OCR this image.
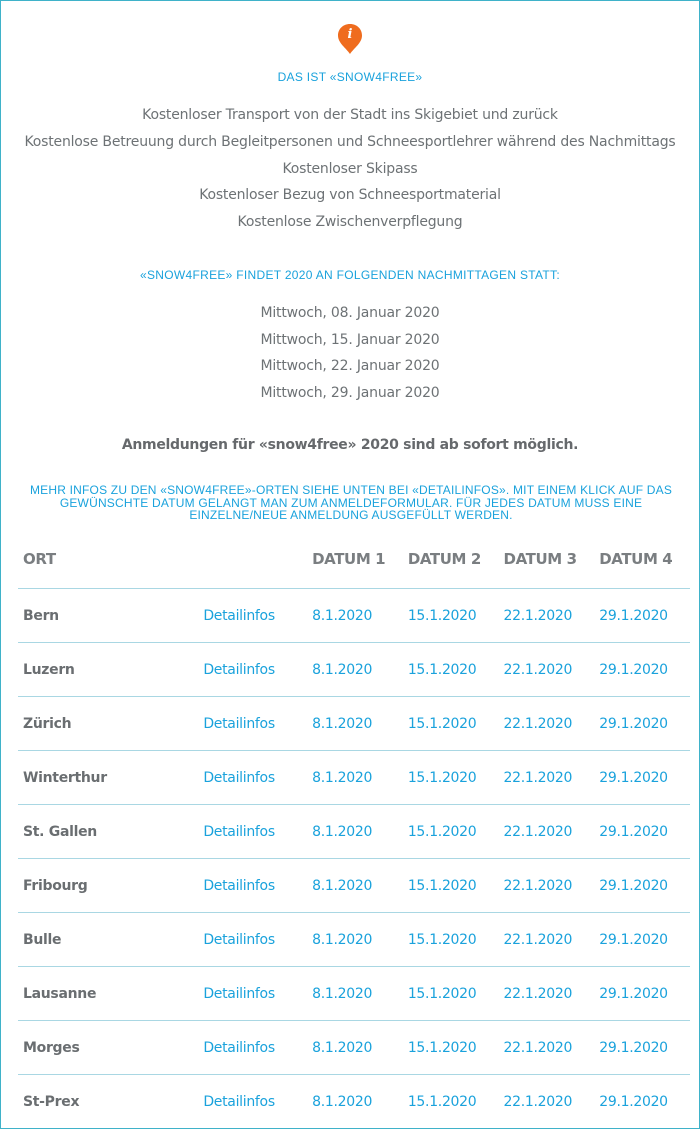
i
DAS IST «SNOW4FREE»
Kostenloser Transport von der Stadt ins Skigebiet und zurück
Kostenlose Betreuung durch Begleitpersonen und Schneesportlehrer während des Nachmittags
Kostenloser Skipass
Kostenloser Bezug von Schneesportmaterial
Kostenlose Zwischenverpflegung
«SNOW4FREE» FINDET 2020 AN FOLGENDEN NACHMITTAGEN STATT:
Mittwoch, 08. Januar 2020
Mittwoch, 15. Januar 2020
Mittwoch, 22. Januar 2020
Mittwoch, 29. Januar 2020
Anmeldungen für «snow4free» 2020 sind ab sofort möglich.
MEHR INFOS ZU DEN «SNOW4FREE»-ORTEN SIEHE UNTEN BEI «DETAILINFOS». MIT EINEM KLICK AUF DAS GEWÜNSCHTE DATUM GELANGT MAN ZUM ANMELDEFORMULAR. FÜR JEDES DATUM MUSS EINE EINZELNE/NEUE ANMELDUNG AUSGEFÜLLT WERDEN.
ORT		DATUM 1	DATUM 2	DATUM 3	DATUM 4
Bern	Detailinfos	8.1.2020	15.1.2020	22.1.2020	29.1.2020
Luzern	Detailinfos	8.1.2020	15.1.2020	22.1.2020	29.1.2020
Zürich	Detailinfos	8.1.2020	15.1.2020	22.1.2020	29.1.2020
Winterthur	Detailinfos	8.1.2020	15.1.2020	22.1.2020	29.1.2020
St. Gallen	Detailinfos	8.1.2020	15.1.2020	22.1.2020	29.1.2020
Fribourg	Detailinfos	8.1.2020	15.1.2020	22.1.2020	29.1.2020
Bulle	Detailinfos	8.1.2020	15.1.2020	22.1.2020	29.1.2020
Lausanne	Detailinfos	8.1.2020	15.1.2020	22.1.2020	29.1.2020
Morges	Detailinfos	8.1.2020	15.1.2020	22.1.2020	29.1.2020
St-Prex	Detailinfos	8.1.2020	15.1.2020	22.1.2020	29.1.2020
